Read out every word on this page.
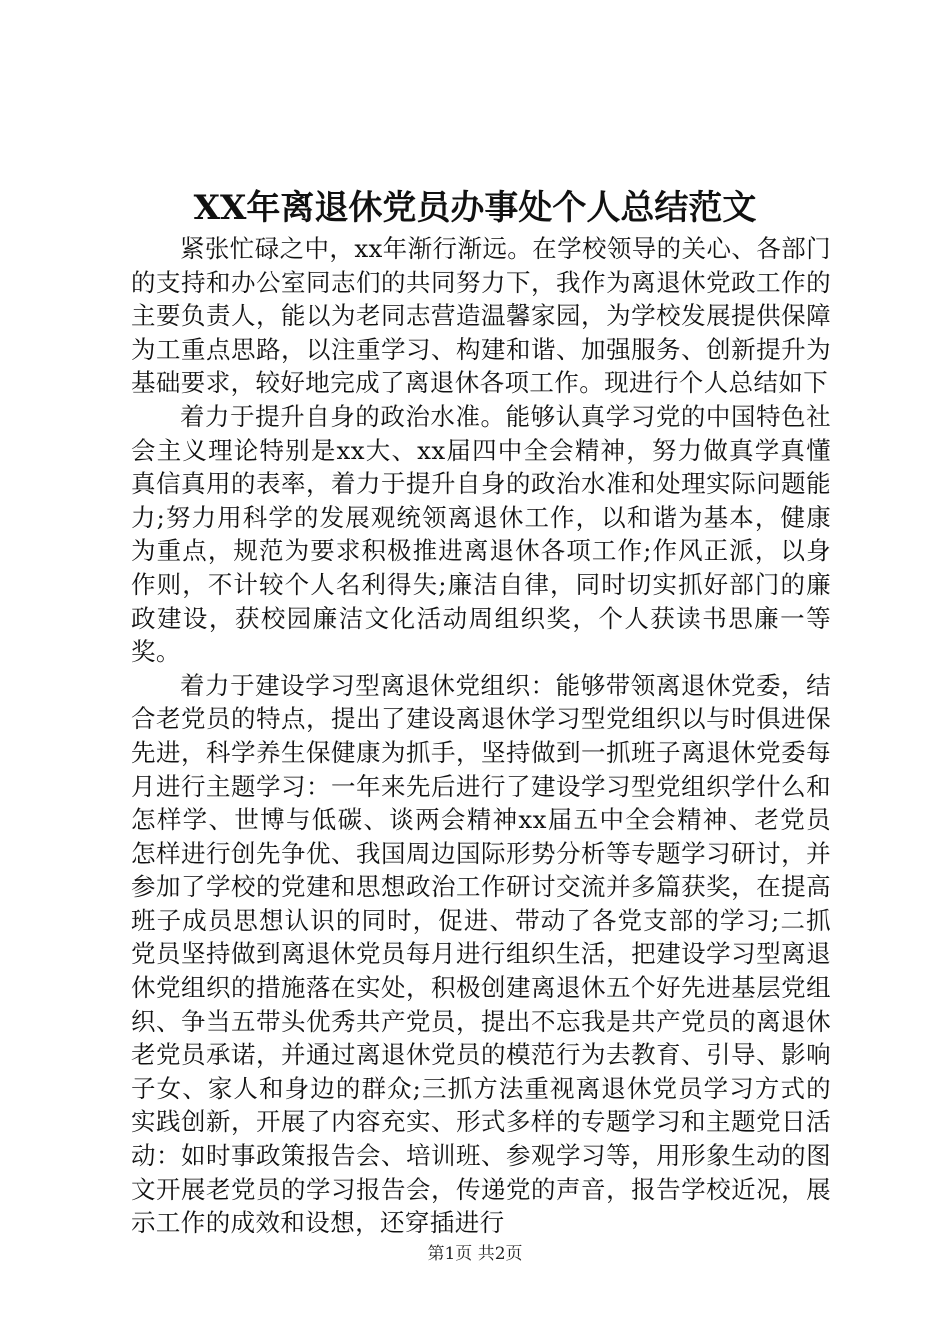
XX年离退休党员办事处个人总结范文

紧张忙碌之中，xx年渐行渐远。在学校领导的关心、各部门的支持和办公室同志们的共同努力下，我作为离退休党政工作的主要负责人，能以为老同志营造温馨家园，为学校发展提供保障为工重点思路，以注重学习、构建和谐、加强服务、创新提升为基础要求，较好地完成了离退休各项工作。现进行个人总结如下

着力于提升自身的政治水准。能够认真学习党的中国特色社会主义理论特别是xx大、xx届四中全会精神，努力做真学真懂真信真用的表率，着力于提升自身的政治水准和处理实际问题能力;努力用科学的发展观统领离退休工作，以和谐为基本，健康为重点，规范为要求积极推进离退休各项工作;作风正派，以身作则，不计较个人名利得失;廉洁自律，同时切实抓好部门的廉政建设，获校园廉洁文化活动周组织奖，个人获读书思廉一等奖。

着力于建设学习型离退休党组织：能够带领离退休党委，结合老党员的特点，提出了建设离退休学习型党组织以与时俱进保先进，科学养生保健康为抓手，坚持做到一抓班子离退休党委每月进行主题学习：一年来先后进行了建设学习型党组织学什么和怎样学、世博与低碳、谈两会精神xx届五中全会精神、老党员怎样进行创先争优、我国周边国际形势分析等专题学习研讨，并参加了学校的党建和思想政治工作研讨交流并多篇获奖，在提高班子成员思想认识的同时，促进、带动了各党支部的学习;二抓党员坚持做到离退休党员每月进行组织生活，把建设学习型离退休党组织的措施落在实处，积极创建离退休五个好先进基层党组织、争当五带头优秀共产党员，提出不忘我是共产党员的离退休老党员承诺，并通过离退休党员的模范行为去教育、引导、影响子女、家人和身边的群众;三抓方法重视离退休党员学习方式的实践创新，开展了内容充实、形式多样的专题学习和主题党日活动：如时事政策报告会、培训班、参观学习等，用形象生动的图文开展老党员的学习报告会，传递党的声音，报告学校近况，展示工作的成效和设想，还穿插进行

第1页 共2页
